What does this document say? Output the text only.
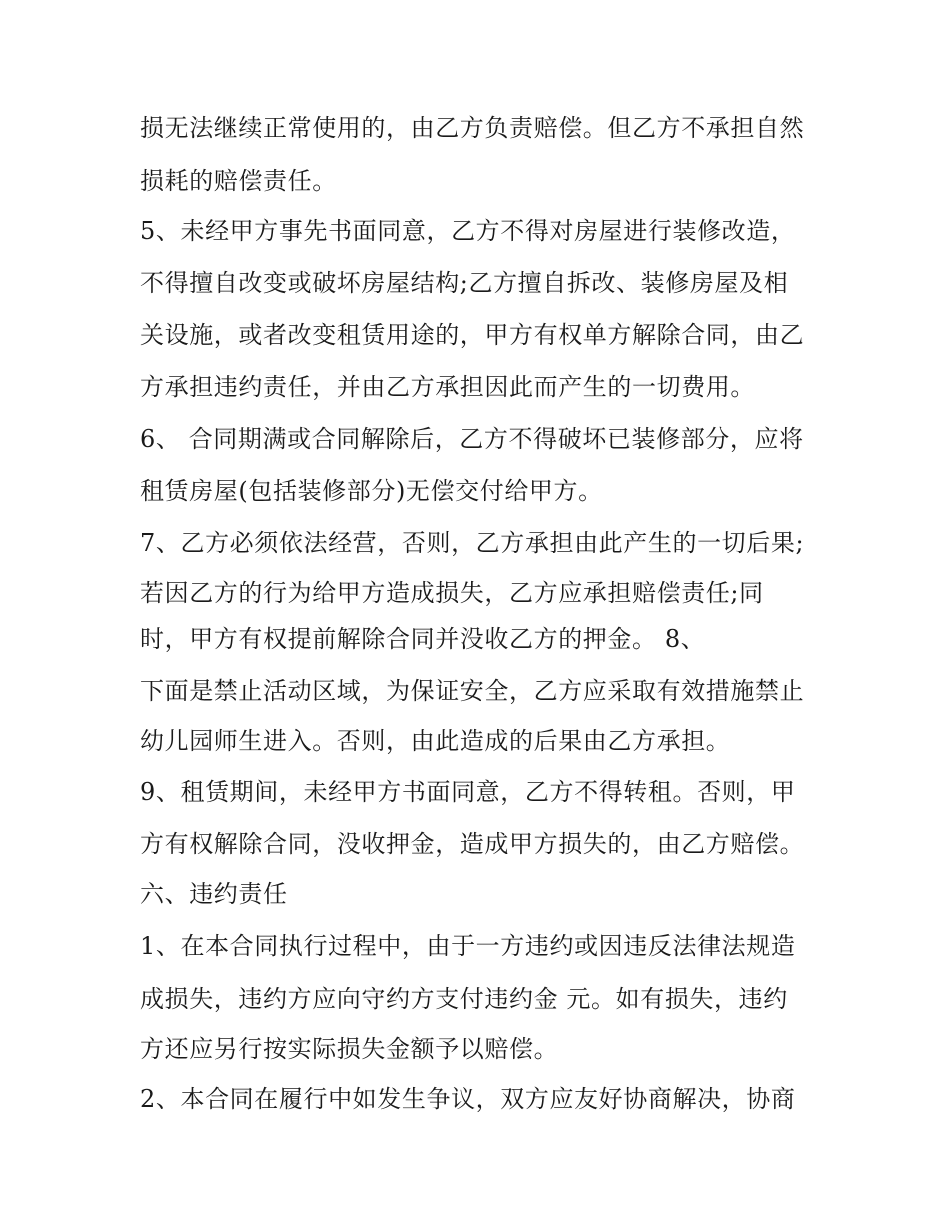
损无法继续正常使用的，由乙方负责赔偿。但乙方不承担自然
损耗的赔偿责任。
5、未经甲方事先书面同意，乙方不得对房屋进行装修改造，
不得擅自改变或破坏房屋结构;乙方擅自拆改、装修房屋及相
关设施，或者改变租赁用途的，甲方有权单方解除合同，由乙
方承担违约责任，并由乙方承担因此而产生的一切费用。
6、 合同期满或合同解除后，乙方不得破坏已装修部分，应将
租赁房屋(包括装修部分)无偿交付给甲方。
7、乙方必须依法经营，否则，乙方承担由此产生的一切后果;
若因乙方的行为给甲方造成损失，乙方应承担赔偿责任;同
时，甲方有权提前解除合同并没收乙方的押金。 8、
下面是禁止活动区域，为保证安全，乙方应采取有效措施禁止
幼儿园师生进入。否则，由此造成的后果由乙方承担。
9、租赁期间，未经甲方书面同意，乙方不得转租。否则，甲
方有权解除合同，没收押金，造成甲方损失的，由乙方赔偿。
六、违约责任
1、在本合同执行过程中，由于一方违约或因违反法律法规造
成损失，违约方应向守约方支付违约金 元。如有损失，违约
方还应另行按实际损失金额予以赔偿。
2、本合同在履行中如发生争议，双方应友好协商解决，协商
